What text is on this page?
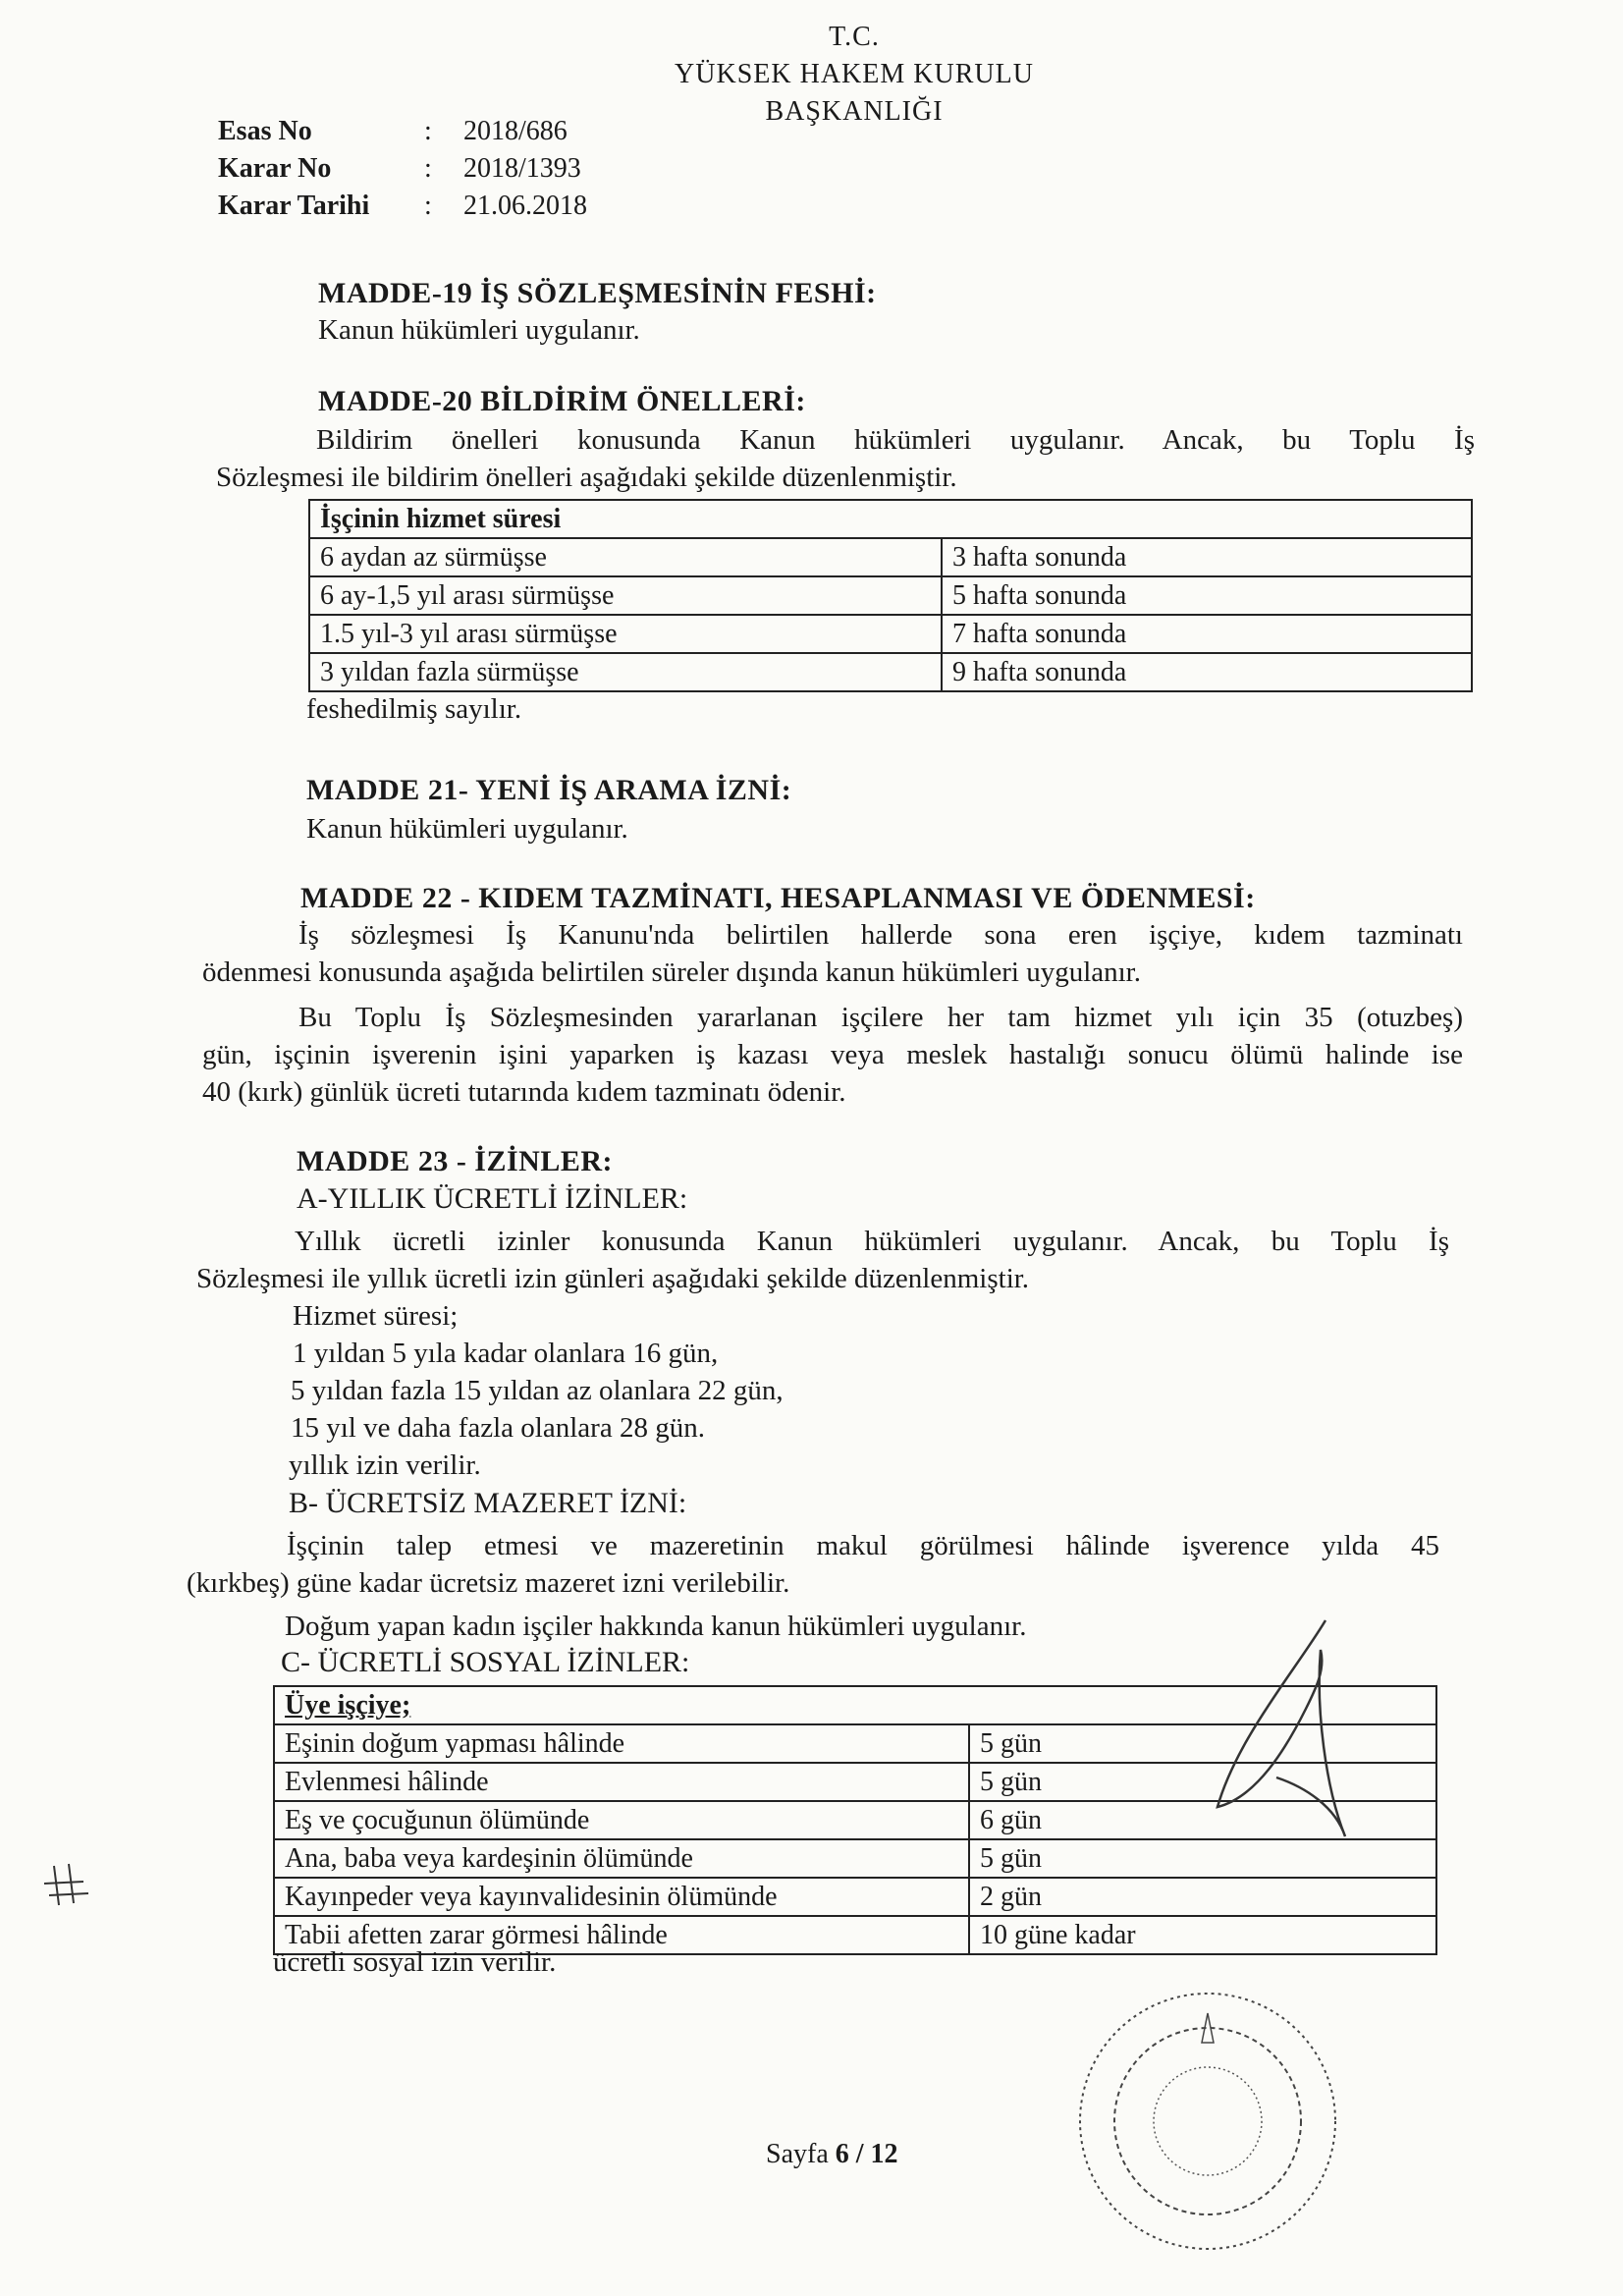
T.C.
YÜKSEK HAKEM KURULU
BAŞKANLIĞI
Esas No	: 2018/686
Karar No	: 2018/1393
Karar Tarihi : 21.06.2018
MADDE-19 İŞ SÖZLEŞMESİNİN FESHİ:
Kanun hükümleri uygulanır.
MADDE-20 BİLDİRİM ÖNELLERİ:
Bildirim önelleri konusunda Kanun hükümleri uygulanır. Ancak, bu Toplu İş
Sözleşmesi ile bildirim önelleri aşağıdaki şekilde düzenlenmiştir.
İşçinin hizmet süresi	
6 aydan az sürmüşse	3 hafta sonunda
6 ay-1,5 yıl arası sürmüşse	5 hafta sonunda
1.5 yıl-3 yıl arası sürmüşse	7 hafta sonunda
3 yıldan fazla sürmüşse	9 hafta sonunda
feshedilmiş sayılır.
MADDE 21- YENİ İŞ ARAMA İZNİ:
Kanun hükümleri uygulanır.
MADDE 22 - KIDEM TAZMİNATI, HESAPLANMASI VE ÖDENMESİ:
İş sözleşmesi İş Kanunu'nda belirtilen hallerde sona eren işçiye, kıdem tazminatı
ödenmesi konusunda aşağıda belirtilen süreler dışında kanun hükümleri uygulanır.
Bu Toplu İş Sözleşmesinden yararlanan işçilere her tam hizmet yılı için 35 (otuzbeş)
gün, işçinin işverenin işini yaparken iş kazası veya meslek hastalığı sonucu ölümü halinde ise
40 (kırk) günlük ücreti tutarında kıdem tazminatı ödenir.
MADDE 23 - İZİNLER:
A-YILLIK ÜCRETLİ İZİNLER:
Yıllık ücretli izinler konusunda Kanun hükümleri uygulanır. Ancak, bu Toplu İş
Sözleşmesi ile yıllık ücretli izin günleri aşağıdaki şekilde düzenlenmiştir.
Hizmet süresi;
1 yıldan 5 yıla kadar olanlara 16 gün,
5 yıldan fazla 15 yıldan az olanlara 22 gün,
15 yıl ve daha fazla olanlara 28 gün.
yıllık izin verilir.
B- ÜCRETSİZ MAZERET İZNİ:
İşçinin talep etmesi ve mazeretinin makul görülmesi hâlinde işverence yılda 45
(kırkbeş) güne kadar ücretsiz mazeret izni verilebilir.
Doğum yapan kadın işçiler hakkında kanun hükümleri uygulanır.
C- ÜCRETLİ SOSYAL İZİNLER:
Üye işçiye;	
Eşinin doğum yapması hâlinde	5 gün
Evlenmesi hâlinde	5 gün
Eş ve çocuğunun ölümünde	6 gün
Ana, baba veya kardeşinin ölümünde	5 gün
Kayınpeder veya kayınvalidesinin ölümünde	2 gün
Tabii afetten zarar görmesi hâlinde	10 güne kadar
ücretli sosyal izin verilir.
Sayfa 6 / 12
